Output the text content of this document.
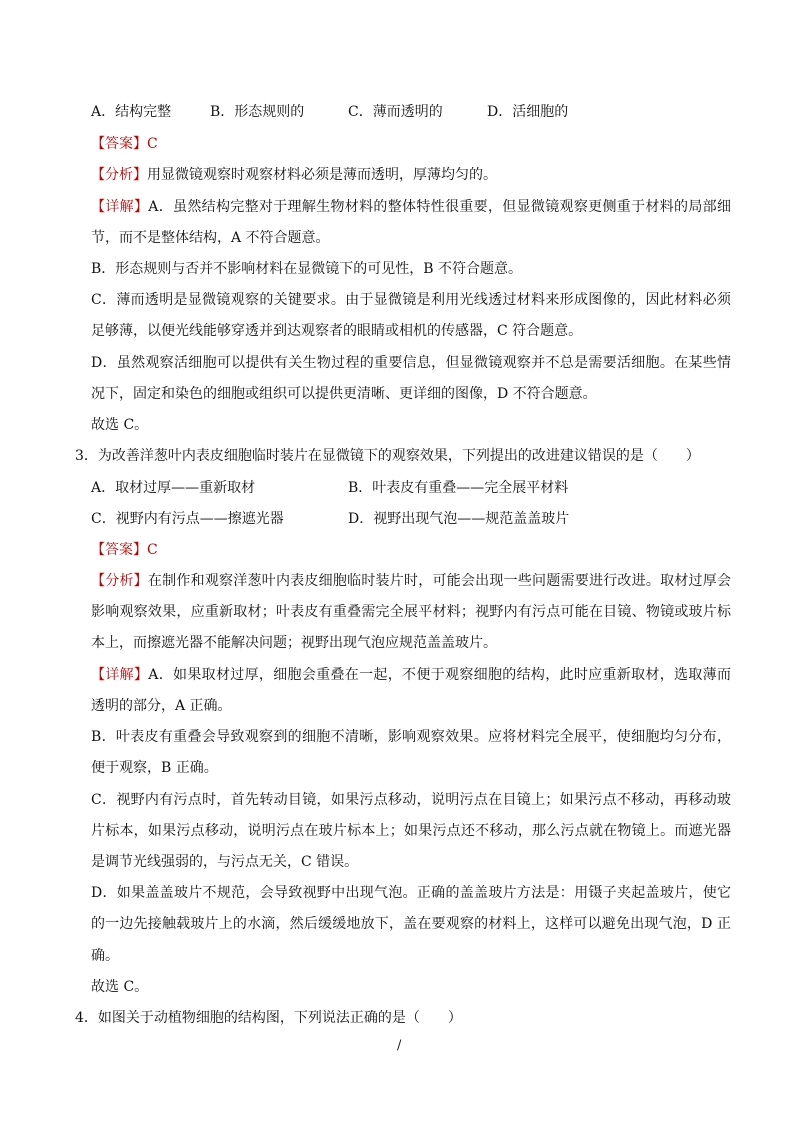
A．结构完整	B．形态规则的	C．薄而透明的	D．活细胞的
【答案】C
【分析】用显微镜观察时观察材料必须是薄而透明，厚薄均匀的。
【详解】A．虽然结构完整对于理解生物材料的整体特性很重要，但显微镜观察更侧重于材料的局部细
节，而不是整体结构，A 不符合题意。
B．形态规则与否并不影响材料在显微镜下的可见性，B 不符合题意。
C．薄而透明是显微镜观察的关键要求。由于显微镜是利用光线透过材料来形成图像的，因此材料必须
足够薄，以便光线能够穿透并到达观察者的眼睛或相机的传感器，C 符合题意。
D．虽然观察活细胞可以提供有关生物过程的重要信息，但显微镜观察并不总是需要活细胞。在某些情
况下，固定和染色的细胞或组织可以提供更清晰、更详细的图像，D 不符合题意。
故选 C。
3．为改善洋葱叶内表皮细胞临时装片在显微镜下的观察效果，下列提出的改进建议错误的是（　　）
A．取材过厚——重新取材	B．叶表皮有重叠——完全展平材料
C．视野内有污点——擦遮光器	D．视野出现气泡——规范盖盖玻片
【答案】C
【分析】在制作和观察洋葱叶内表皮细胞临时装片时，可能会出现一些问题需要进行改进。取材过厚会
影响观察效果，应重新取材；叶表皮有重叠需完全展平材料；视野内有污点可能在目镜、物镜或玻片标
本上，而擦遮光器不能解决问题；视野出现气泡应规范盖盖玻片。
【详解】A．如果取材过厚，细胞会重叠在一起，不便于观察细胞的结构，此时应重新取材，选取薄而
透明的部分，A 正确。
B．叶表皮有重叠会导致观察到的细胞不清晰，影响观察效果。应将材料完全展平，使细胞均匀分布，
便于观察，B 正确。
C．视野内有污点时，首先转动目镜，如果污点移动，说明污点在目镜上；如果污点不移动，再移动玻
片标本，如果污点移动，说明污点在玻片标本上；如果污点还不移动，那么污点就在物镜上。而遮光器
是调节光线强弱的，与污点无关，C 错误。
D．如果盖盖玻片不规范，会导致视野中出现气泡。正确的盖盖玻片方法是：用镊子夹起盖玻片，使它
的一边先接触载玻片上的水滴，然后缓缓地放下，盖在要观察的材料上，这样可以避免出现气泡，D 正
确。
故选 C。
4．如图关于动植物细胞的结构图，下列说法正确的是（　　）
/
